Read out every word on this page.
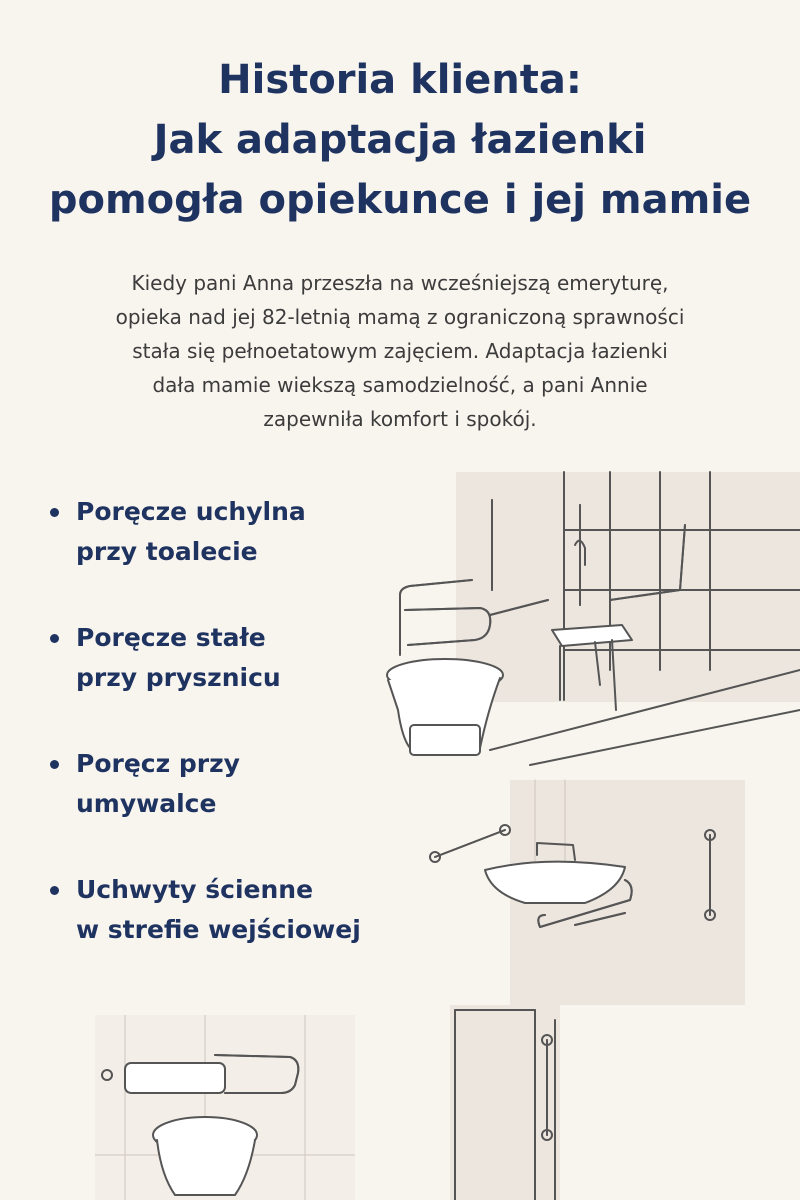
Historia klienta:
Jak adaptacja łazienki
pomogła opiekunce i jej mamie
Kiedy pani Anna przeszła na wcześniejszą emeryturę,
opieka nad jej 82-letnią mamą z ograniczoną sprawności
stała się pełnoetatowym zajęciem. Adaptacja łazienki
dała mamie wiekszą samodzielność, a pani Annie
zapewniła komfort i spokój.
Poręcze uchylna
przy toalecie
Poręcze stałe
przy prysznicu
Poręcz przy
umywalce
Uchwyty ścienne
w strefie wejściowej
